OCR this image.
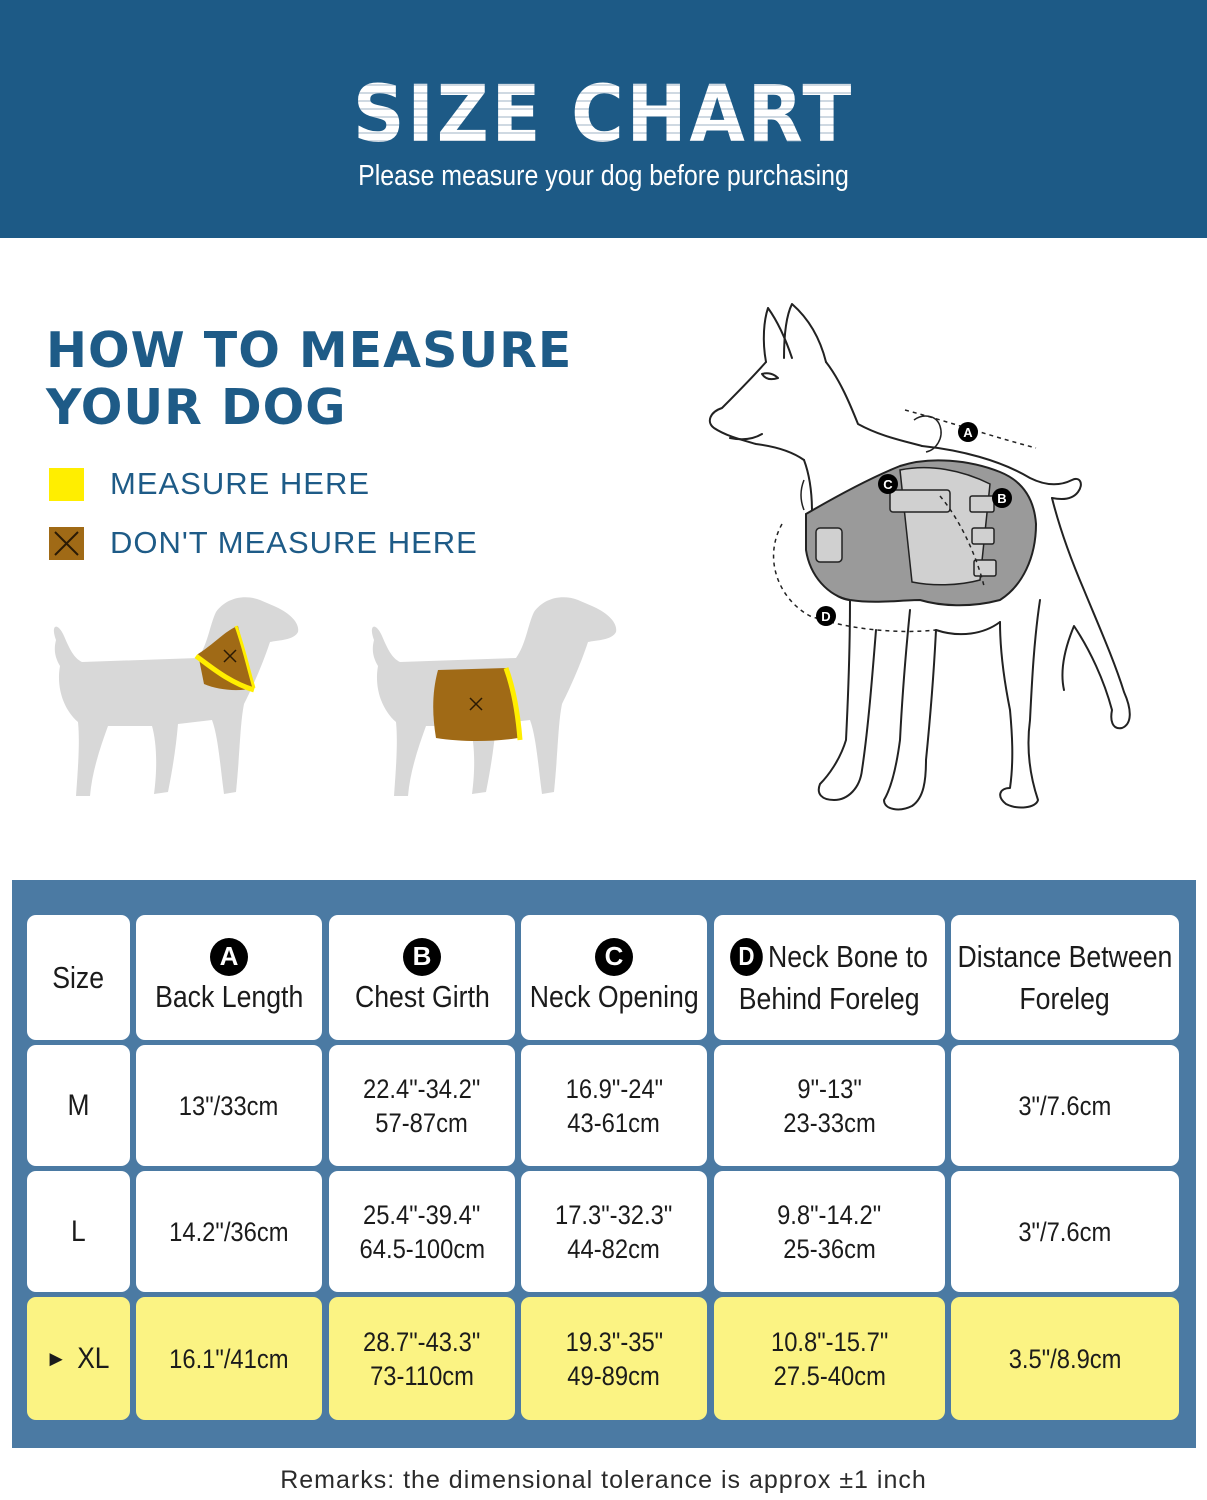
SIZE CHART
Please measure your dog before purchasing
HOW TO MEASURE
YOUR DOG
MEASURE HERE
DON'T MEASURE HERE
A
B
C
D
Size
A
Back Length
B
Chest Girth
C
Neck Opening
D Neck Bone to
Behind Foreleg
Distance Between
Foreleg
M	13"/33cm
22.4"-34.2"
57-87cm
16.9"-24"
43-61cm
9"-13"
23-33cm
3"/7.6cm
L	14.2"/36cm
25.4"-39.4"
64.5-100cm
17.3"-32.3"
44-82cm
9.8"-14.2"
25-36cm
3"/7.6cm
► XL 16.1"/41cm
28.7"-43.3"
73-110cm
19.3"-35"
49-89cm
10.8"-15.7"
27.5-40cm
3.5"/8.9cm
Remarks: the dimensional tolerance is approx ±1 inch
